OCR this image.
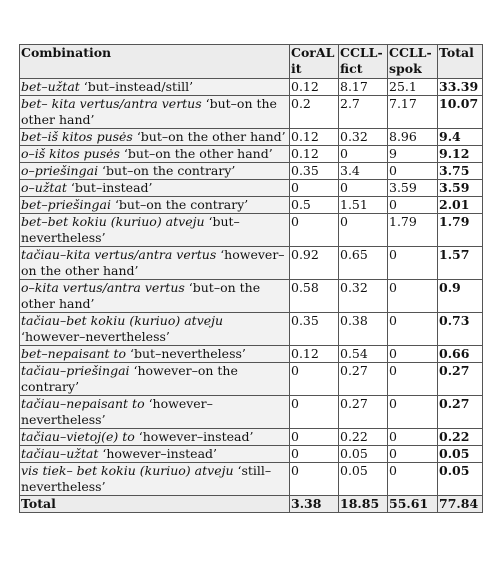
Combination	CorAL it	CCLL-fict	CCLL-spok	Total
bet–užtat ‘but–instead/still’	0.12	8.17	25.1	33.39
bet– kita vertus/antra vertus ‘but–on the other hand’	0.2	2.7	7.17	10.07
bet–iš kitos pusės ‘but–on the other hand’	0.12	0.32	8.96	9.4
o–iš kitos pusės ‘but–on the other hand’	0.12	0	9	9.12
o–priešingai ‘but–on the contrary’	0.35	3.4	0	3.75
o–užtat ‘but–instead’	0	0	3.59	3.59
bet–priešingai ‘but–on the contrary’	0.5	1.51	0	2.01
bet–bet kokiu (kuriuo) atveju ‘but–nevertheless’	0	0	1.79	1.79
tačiau–kita vertus/antra vertus ‘however–on the other hand’	0.92	0.65	0	1.57
o–kita vertus/antra vertus ‘but–on the other hand’	0.58	0.32	0	0.9
tačiau–bet kokiu (kuriuo) atveju ‘however–nevertheless’	0.35	0.38	0	0.73
bet–nepaisant to ‘but–nevertheless’	0.12	0.54	0	0.66
tačiau–priešingai ‘however–on the contrary’	0	0.27	0	0.27
tačiau–nepaisant to ‘however–nevertheless’	0	0.27	0	0.27
tačiau–vietoj(e) to ‘however–instead’	0	0.22	0	0.22
tačiau–užtat ‘however–instead’	0	0.05	0	0.05
vis tiek– bet kokiu (kuriuo) atveju ‘still–nevertheless’	0	0.05	0	0.05
Total	3.38	18.85	55.61	77.84
